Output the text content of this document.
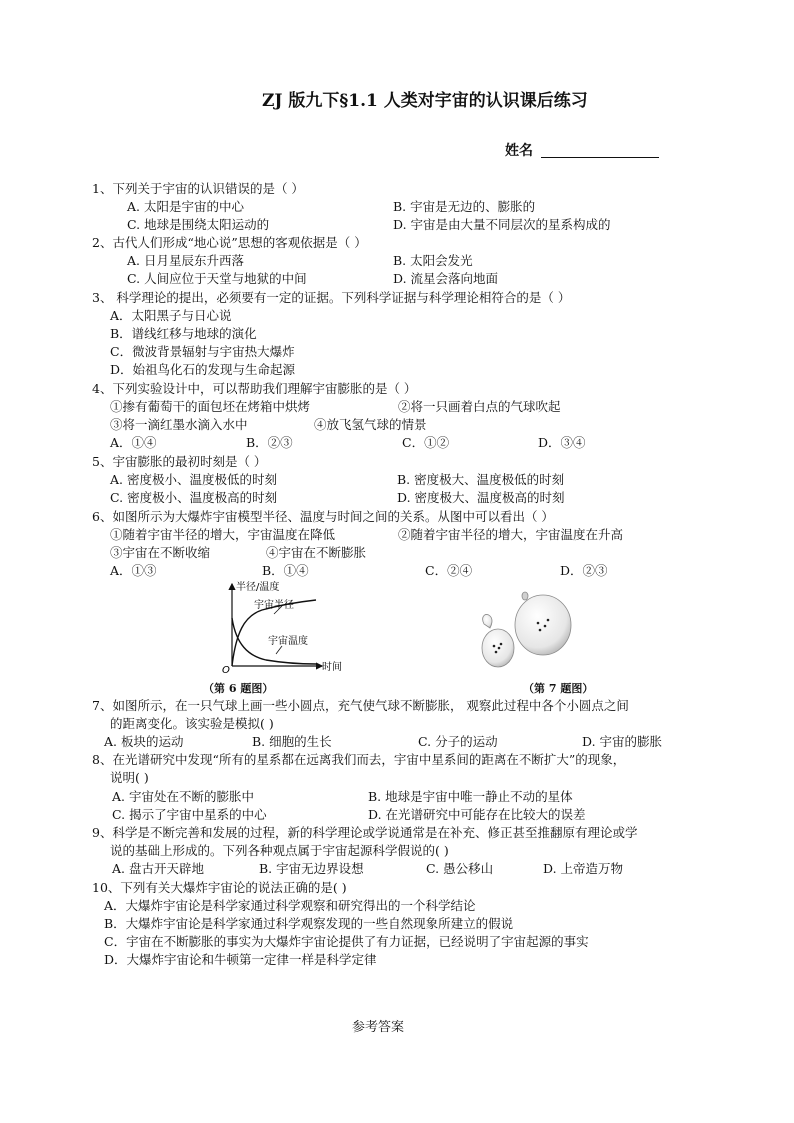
ZJ 版九下§1.1 人类对宇宙的认识课后练习
姓名
1、下列关于宇宙的认识错误的是（ ）
A. 太阳是宇宙的中心	B. 宇宙是无边的、膨胀的
C. 地球是围绕太阳运动的	D. 宇宙是由大量不同层次的星系构成的
2、古代人们形成“地心说”思想的客观依据是（ ）
A. 日月星辰东升西落	B. 太阳会发光
C. 人间应位于天堂与地狱的中间	D. 流星会落向地面
3、 科学理论的提出，必须要有一定的证据。下列科学证据与科学理论相符合的是（ ）
A．太阳黑子与日心说
B．谱线红移与地球的演化
C．微波背景辐射与宇宙热大爆炸
D．始祖鸟化石的发现与生命起源
4、下列实验设计中，可以帮助我们理解宇宙膨胀的是（ ）
①掺有葡萄干的面包坯在烤箱中烘烤	②将一只画着白点的气球吹起
③将一滴红墨水滴入水中	④放飞氢气球的情景
A．①④	B．②③	C．①②	D．③④
5、宇宙膨胀的最初时刻是（ ）
A. 密度极小、温度极低的时刻	B. 密度极大、温度极低的时刻
C. 密度极小、温度极高的时刻	D. 密度极大、温度极高的时刻
6、如图所示为大爆炸宇宙模型半径、温度与时间之间的关系。从图中可以看出（ ）
①随着宇宙半径的增大，宇宙温度在降低	②随着宇宙半径的增大，宇宙温度在升高
③宇宙在不断收缩	④宇宙在不断膨胀
A．①③	B．①④	C．②④	D．②③
半径/温度
时间
O
宇宙半径
宇宙温度
（第 6 题图）	（第 7 题图）
7、如图所示，在一只气球上画一些小圆点，充气使气球不断膨胀， 观察此过程中各个小圆点之间
的距离变化。该实验是模拟( )
A. 板块的运动	B. 细胞的生长	C. 分子的运动	D. 宇宙的膨胀
8、在光谱研究中发现“所有的星系都在远离我们而去，宇宙中星系间的距离在不断扩大”的现象，
说明( )
A. 宇宙处在不断的膨胀中	B. 地球是宇宙中唯一静止不动的星体
C. 揭示了宇宙中星系的中心	D. 在光谱研究中可能存在比较大的误差
9、科学是不断完善和发展的过程，新的科学理论或学说通常是在补充、修正甚至推翻原有理论或学
说的基础上形成的。下列各种观点属于宇宙起源科学假说的( )
A. 盘古开天辟地	B. 宇宙无边界设想	C. 愚公移山	D. 上帝造万物
10、下列有关大爆炸宇宙论的说法正确的是( )
A．大爆炸宇宙论是科学家通过科学观察和研究得出的一个科学结论
B．大爆炸宇宙论是科学家通过科学观察发现的一些自然现象所建立的假说
C．宇宙在不断膨胀的事实为大爆炸宇宙论提供了有力证据，已经说明了宇宙起源的事实
D．大爆炸宇宙论和牛顿第一定律一样是科学定律
参考答案
